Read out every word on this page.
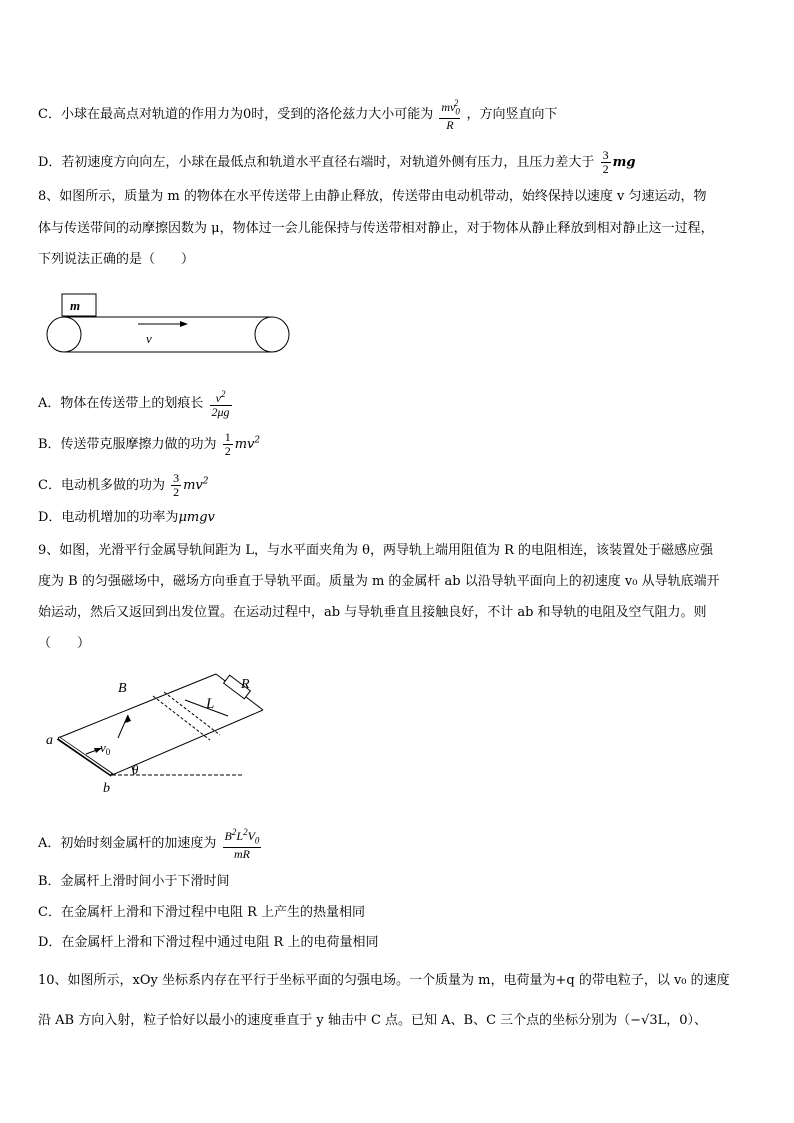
C．小球在最高点对轨道的作用力为0时，受到的洛伦兹力大小可能为 $\frac{mv_0^2}{R}$ ，方向竖直向下
D．若初速度方向向左，小球在最低点和轨道水平直径右端时，对轨道外侧有压力，且压力差大于 $\frac{3}{2}$ mg
8、如图所示，质量为 m 的物体在水平传送带上由静止释放，传送带由电动机带动，始终保持以速度 v 匀速运动，物
体与传送带间的动摩擦因数为 μ，物体过一会儿能保持与传送带相对静止，对于物体从静止释放到相对静止这一过程，
下列说法正确的是（　　）
m
v
A．物体在传送带上的划痕长 $\frac{v^2}{2\mu g}$
B．传送带克服摩擦力做的功为 $\frac{1}{2} mv^2$
C．电动机多做的功为 $\frac{3}{2} mv^2$
D．电动机增加的功率为μmgv
9、如图，光滑平行金属导轨间距为 L，与水平面夹角为 θ，两导轨上端用阻值为 R 的电阻相连，该装置处于磁感应强
度为 B 的匀强磁场中，磁场方向垂直于导轨平面。质量为 m 的金属杆 ab 以沿导轨平面向上的初速度 v₀ 从导轨底端开
始运动，然后又返回到出发位置。在运动过程中，ab 与导轨垂直且接触良好，不计 ab 和导轨的电阻及空气阻力。则
（　　）
R
L
B
$v_0$
a
b
θ
A．初始时刻金属杆的加速度为 $\frac{B^2L^2V_0}{mR}$
B．金属杆上滑时间小于下滑时间
C．在金属杆上滑和下滑过程中电阻 R 上产生的热量相同
D．在金属杆上滑和下滑过程中通过电阻 R 上的电荷量相同
10、如图所示，xOy 坐标系内存在平行于坐标平面的匀强电场。一个质量为 m，电荷量为+q 的带电粒子，以 v₀ 的速度
沿 AB 方向入射，粒子恰好以最小的速度垂直于 y 轴击中 C 点。已知 A、B、C 三个点的坐标分别为（−√3L，0）、
